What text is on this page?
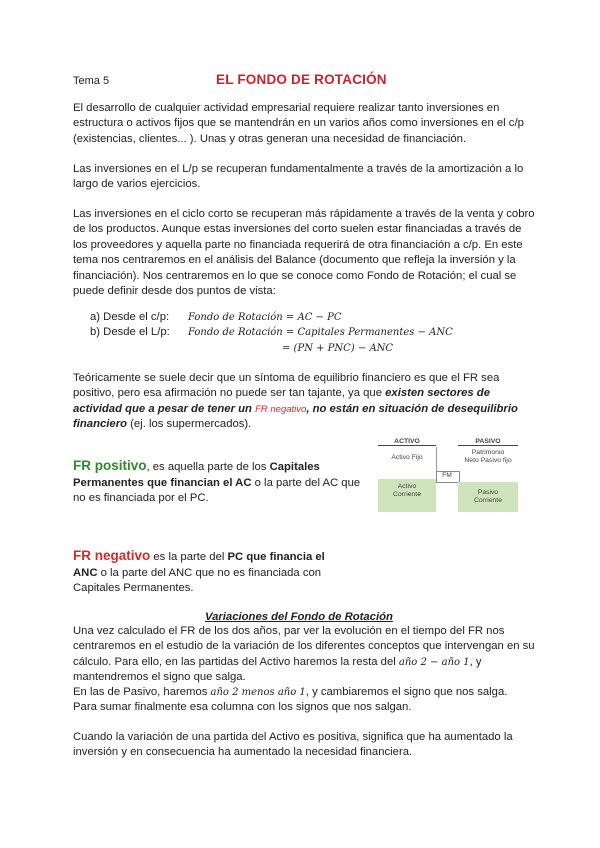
Tema 5	EL FONDO DE ROTACIÓN
El desarrollo de cualquier actividad empresarial requiere realizar tanto inversiones en estructura o activos fijos que se mantendrán en un varios años como inversiones en el c/p (existencias, clientes... ). Unas y otras generan una necesidad de financiación.
Las inversiones en el L/p se recuperan fundamentalmente a través de la amortización a lo largo de varios ejercicios.
Las inversiones en el ciclo corto se recuperan más rápidamente a través de la venta y cobro de los productos. Aunque estas inversiones del corto suelen estar financiadas a través de los proveedores y aquella parte no financiada requerirá de otra financiación a c/p. En este tema nos centraremos en el análisis del Balance (documento que refleja la inversión y la financiación). Nos centraremos en lo que se conoce como Fondo de Rotación; el cual se puede definir desde dos puntos de vista:
a) Desde el c/p: Fondo de Rotación = AC − PC
b) Desde el L/p: Fondo de Rotación = Capitales Permanentes − ANC
= (PN + PNC) − ANC
Teóricamente se suele decir que un síntoma de equilibrio financiero es que el FR sea positivo, pero esa afirmación no puede ser tan tajante, ya que existen sectores de actividad que a pesar de tener un FR negativo, no están en situación de desequilibrio financiero (ej. los supermercados).
ACTIVO	PASIVO
Activo Fijo
Activo Corriente
FM
Patrimonio Neto Pasivo fijo
Pasivo Corriente
FR positivo, es aquella parte de los Capitales Permanentes que financian el AC o la parte del AC que no es financiada por el PC.
FR negativo es la parte del PC que financia el ANC o la parte del ANC que no es financiada con Capitales Permanentes.
Variaciones del Fondo de Rotación
Una vez calculado el FR de los dos años, par ver la evolución en el tiempo del FR nos centraremos en el estudio de la variación de los diferentes conceptos que intervengan en su cálculo. Para ello, en las partidas del Activo haremos la resta del año 2 − año 1, y mantendremos el signo que salga.
En las de Pasivo, haremos año 2 menos año 1, y cambiaremos el signo que nos salga.
Para sumar finalmente esa columna con los signos que nos salgan.
Cuando la variación de una partida del Activo es positiva, significa que ha aumentado la inversión y en consecuencia ha aumentado la necesidad financiera.
